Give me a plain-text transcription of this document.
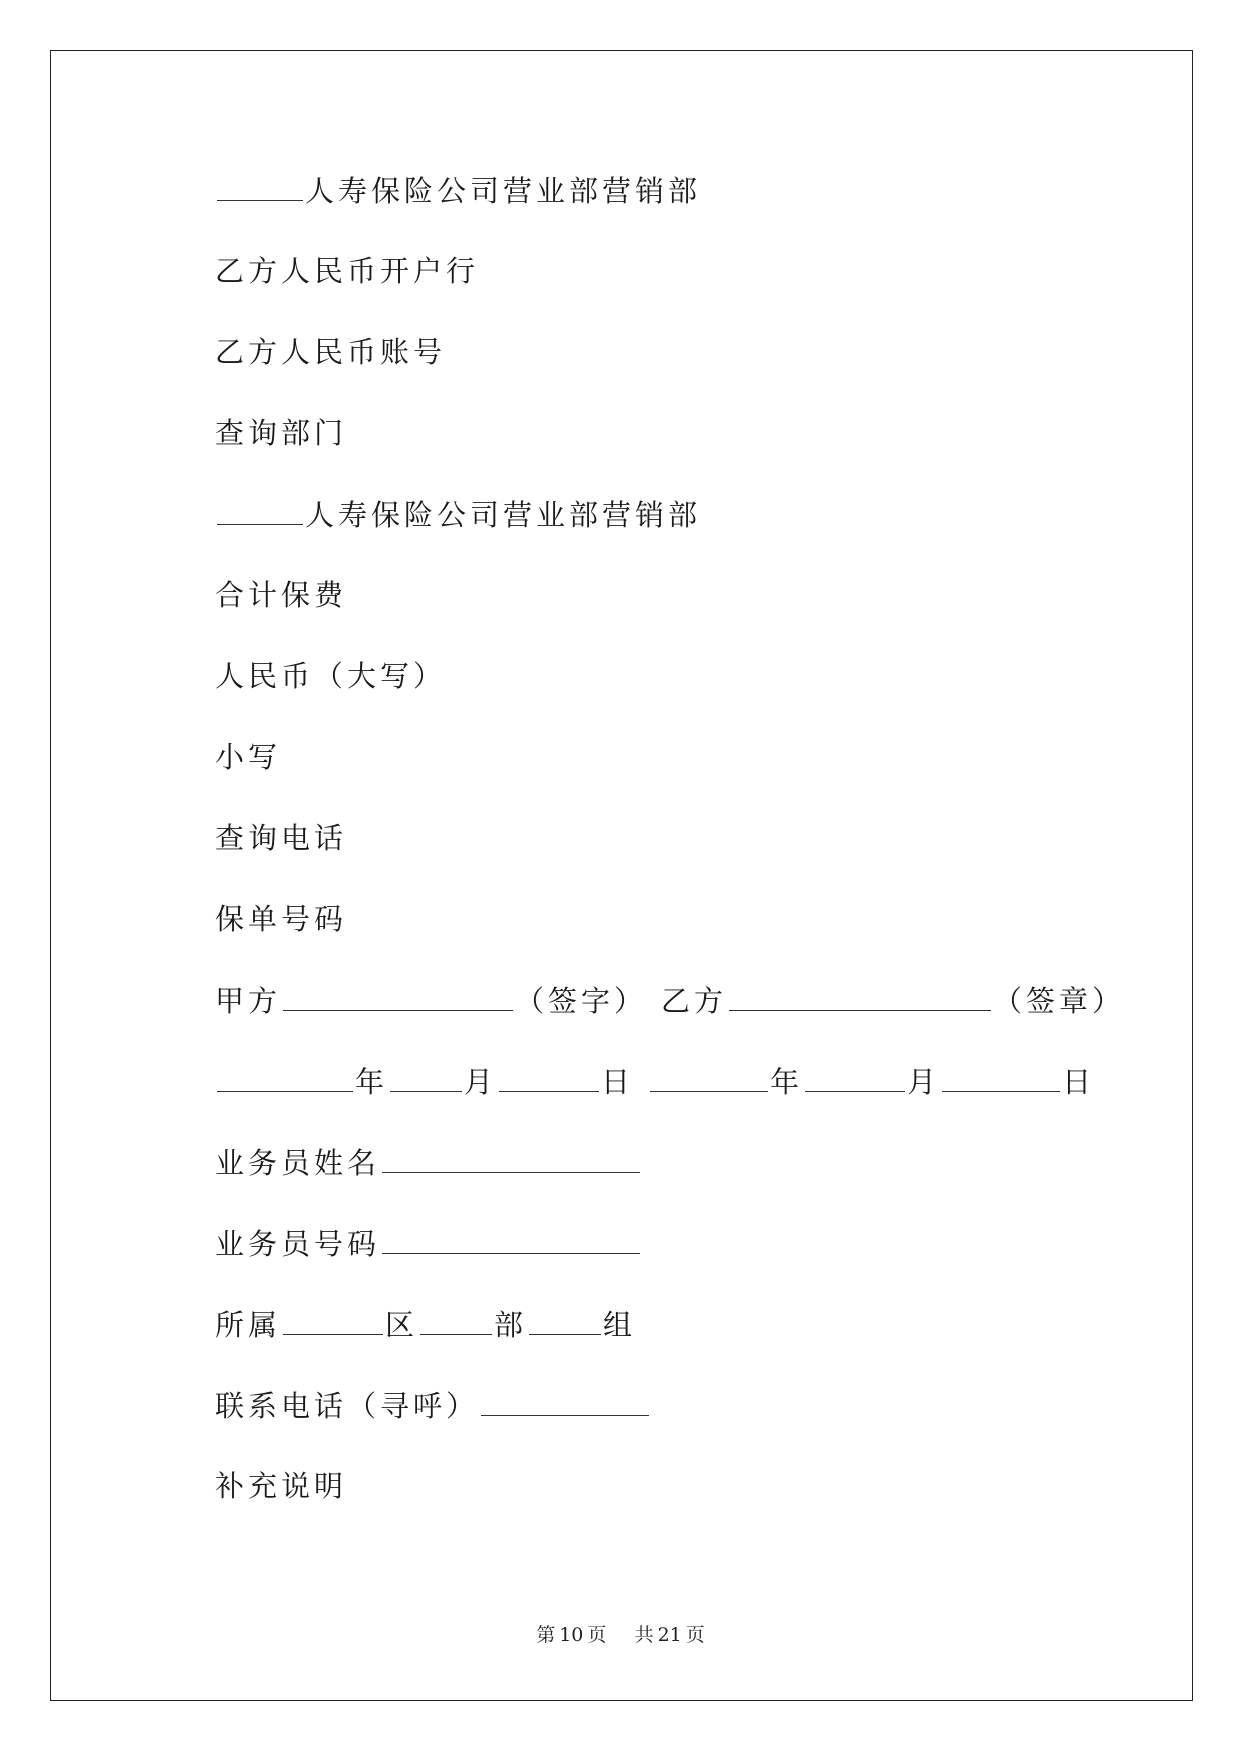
人寿保险公司营业部营销部
乙方人民币开户行
乙方人民币账号
查询部门
人寿保险公司营业部营销部
合计保费
人民币（大写）
小写
查询电话
保单号码
甲方	（签字） 乙方	（签章）
年	月	日	年	月	日
业务员姓名
业务员号码
所属	区	部	组
联系电话（寻呼）
补充说明
第 10 页 共 21 页
